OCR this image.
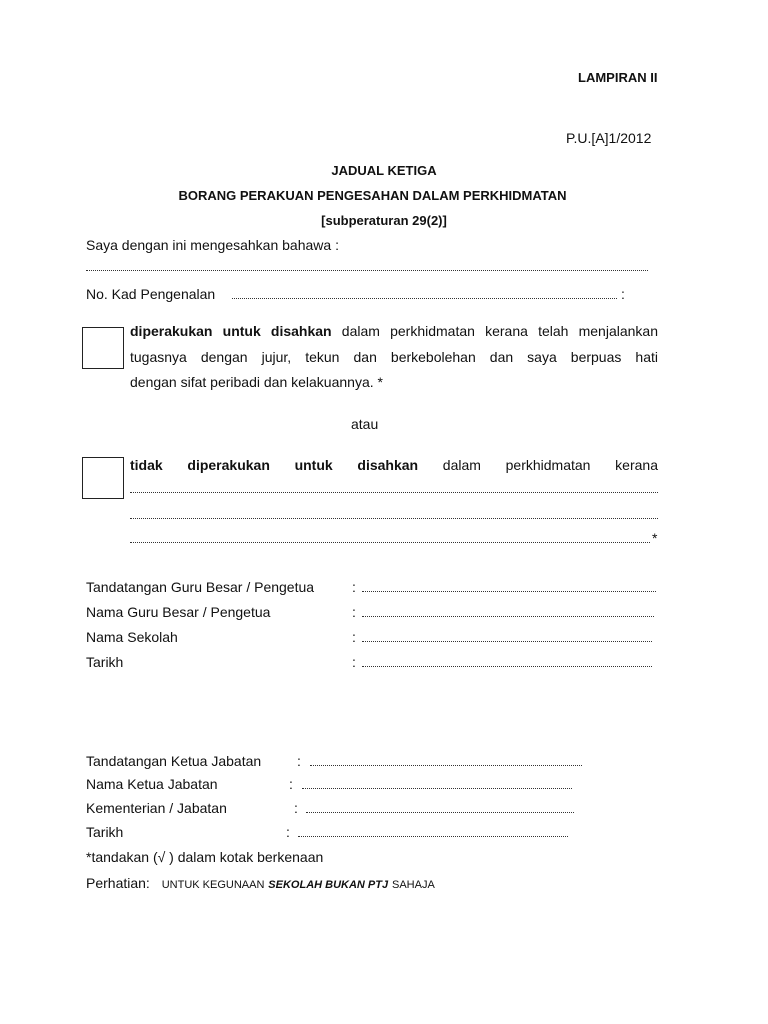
LAMPIRAN II
P.U.[A]1/2012
JADUAL KETIGA
BORANG PERAKUAN PENGESAHAN DALAM PERKHIDMATAN
[subperaturan 29(2)]
Saya dengan ini mengesahkan bahawa :
No. Kad Pengenalan	:
diperakukan untuk disahkan dalam perkhidmatan kerana telah menjalankan
tugasnya dengan jujur, tekun dan berkebolehan dan saya berpuas hati
dengan sifat peribadi dan kelakuannya. *
atau
tidak diperakukan untuk disahkan dalam perkhidmatan kerana
*
Tandatangan Guru Besar / Pengetua	:
Nama Guru Besar / Pengetua	:
Nama Sekolah	:
Tarikh	:
Tandatangan Ketua Jabatan	:
Nama Ketua Jabatan	:
Kementerian / Jabatan	:
Tarikh	:
*tandakan (√ ) dalam kotak berkenaan
Perhatian: UNTUK KEGUNAAN SEKOLAH BUKAN PTJ SAHAJA
